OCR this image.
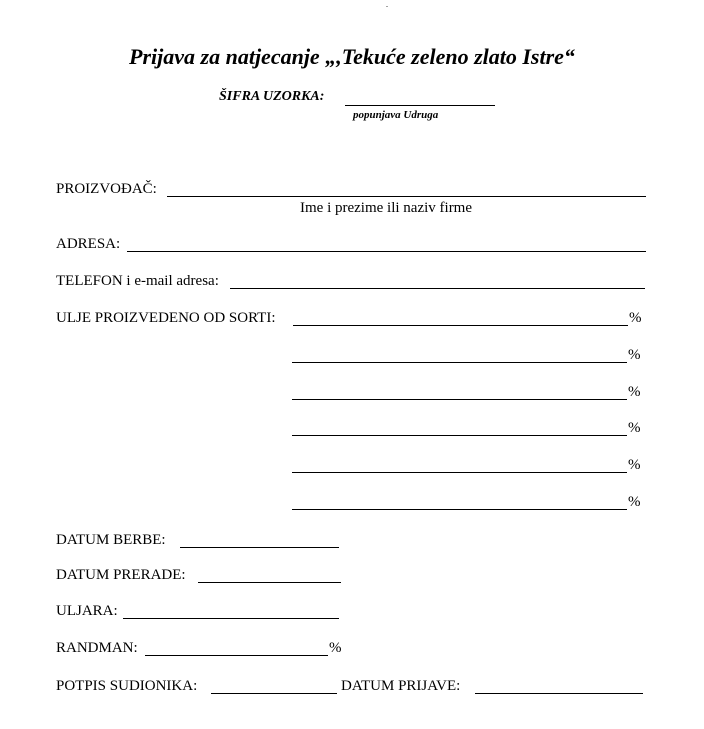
.
Prijava za natjecanje „,Tekuće zeleno zlato Istre“
ŠIFRA UZORKA:
popunjava Udruga
PROIZVOĐAČ:
Ime i prezime ili naziv firme
ADRESA:
TELEFON i e-mail adresa:
ULJE PROIZVEDENO OD SORTI:	%
%
%
%
%
%
DATUM BERBE:
DATUM PRERADE:
ULJARA:
RANDMAN:	%
POTPIS SUDIONIKA:	DATUM PRIJAVE:
